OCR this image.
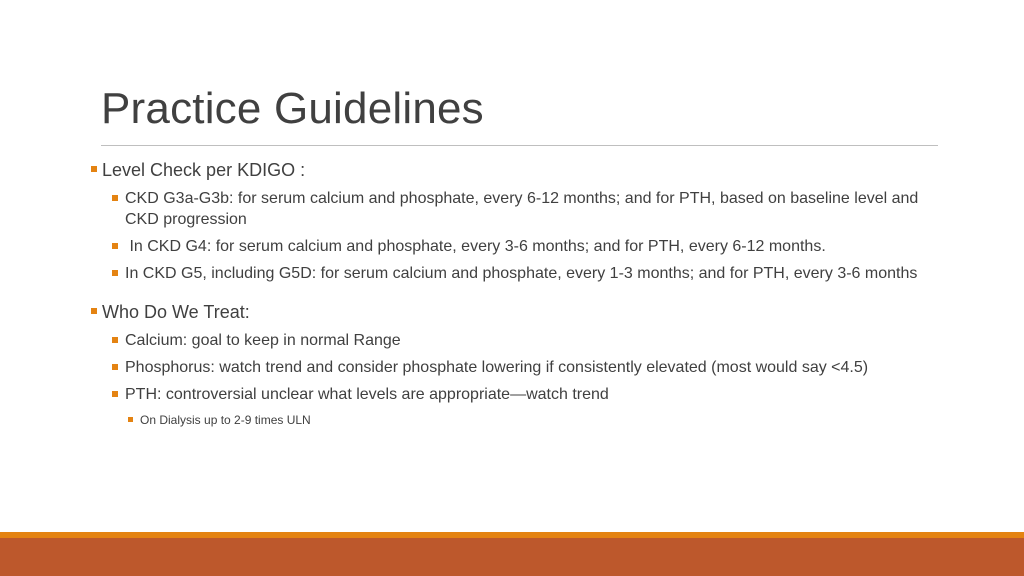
Practice Guidelines
Level Check per KDIGO :
CKD G3a-G3b: for serum calcium and phosphate, every 6-12 months; and for PTH, based on baseline level and CKD progression
In CKD G4: for serum calcium and phosphate, every 3-6 months; and for PTH, every 6-12 months.
In CKD G5, including G5D: for serum calcium and phosphate, every 1-3 months; and for PTH, every 3-6 months
Who Do We Treat:
Calcium: goal to keep in normal Range
Phosphorus: watch trend and consider phosphate lowering if consistently elevated (most would say <4.5)
PTH: controversial unclear what levels are appropriate—watch trend
On Dialysis up to 2-9 times ULN
